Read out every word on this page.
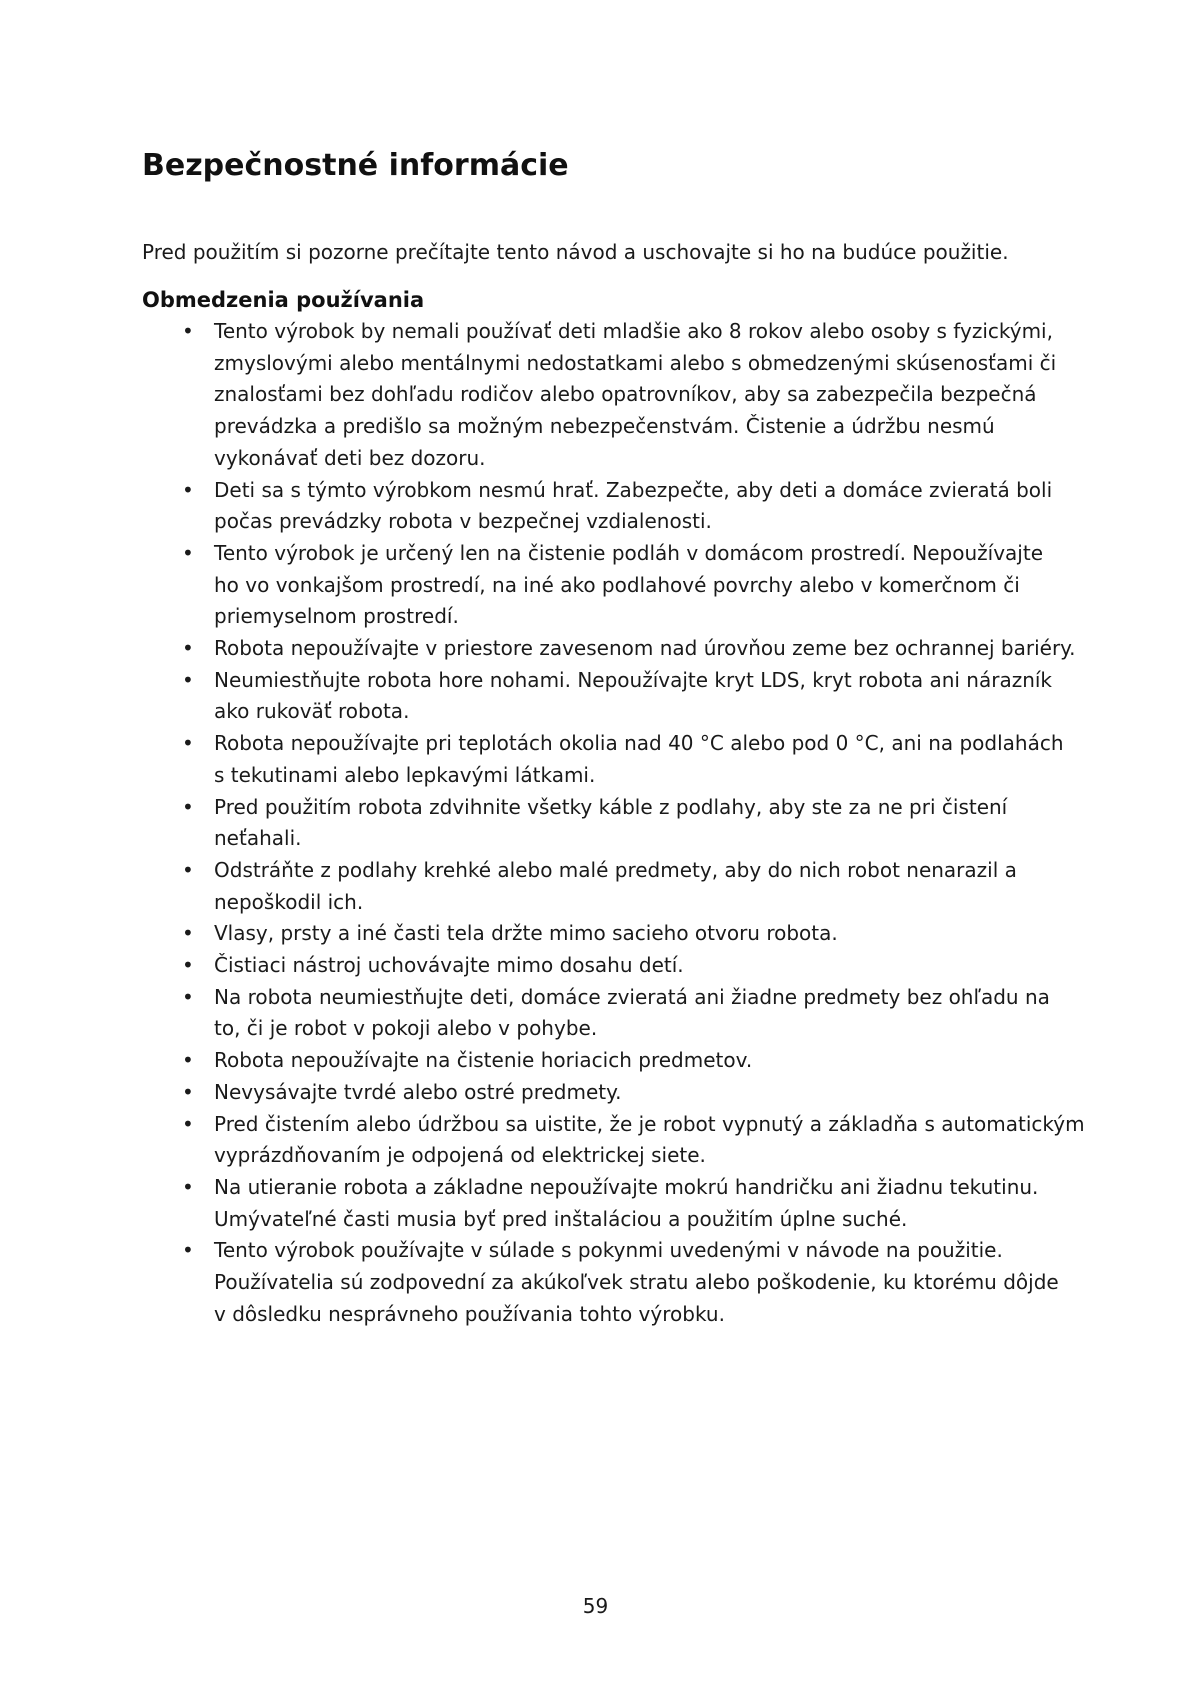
Bezpečnostné informácie

Pred použitím si pozorne prečítajte tento návod a uschovajte si ho na budúce použitie.

Obmedzenia používania
• Tento výrobok by nemali používať deti mladšie ako 8 rokov alebo osoby s fyzickými,
zmyslovými alebo mentálnymi nedostatkami alebo s obmedzenými skúsenosťami či
znalosťami bez dohľadu rodičov alebo opatrovníkov, aby sa zabezpečila bezpečná
prevádzka a predišlo sa možným nebezpečenstvám. Čistenie a údržbu nesmú
vykonávať deti bez dozoru.
• Deti sa s týmto výrobkom nesmú hrať. Zabezpečte, aby deti a domáce zvieratá boli
počas prevádzky robota v bezpečnej vzdialenosti.
• Tento výrobok je určený len na čistenie podláh v domácom prostredí. Nepoužívajte
ho vo vonkajšom prostredí, na iné ako podlahové povrchy alebo v komerčnom či
priemyselnom prostredí.
• Robota nepoužívajte v priestore zavesenom nad úrovňou zeme bez ochrannej bariéry.
• Neumiestňujte robota hore nohami. Nepoužívajte kryt LDS, kryt robota ani nárazník
ako rukoväť robota.
• Robota nepoužívajte pri teplotách okolia nad 40 °C alebo pod 0 °C, ani na podlahách
s tekutinami alebo lepkavými látkami.
• Pred použitím robota zdvihnite všetky káble z podlahy, aby ste za ne pri čistení
neťahali.
• Odstráňte z podlahy krehké alebo malé predmety, aby do nich robot nenarazil a
nepoškodil ich.
• Vlasy, prsty a iné časti tela držte mimo sacieho otvoru robota.
• Čistiaci nástroj uchovávajte mimo dosahu detí.
• Na robota neumiestňujte deti, domáce zvieratá ani žiadne predmety bez ohľadu na
to, či je robot v pokoji alebo v pohybe.
• Robota nepoužívajte na čistenie horiacich predmetov.
• Nevysávajte tvrdé alebo ostré predmety.
• Pred čistením alebo údržbou sa uistite, že je robot vypnutý a základňa s automatickým
vyprázdňovaním je odpojená od elektrickej siete.
• Na utieranie robota a základne nepoužívajte mokrú handričku ani žiadnu tekutinu.
Umývateľné časti musia byť pred inštaláciou a použitím úplne suché.
• Tento výrobok používajte v súlade s pokynmi uvedenými v návode na použitie.
Používatelia sú zodpovední za akúkoľvek stratu alebo poškodenie, ku ktorému dôjde
v dôsledku nesprávneho používania tohto výrobku.

59
